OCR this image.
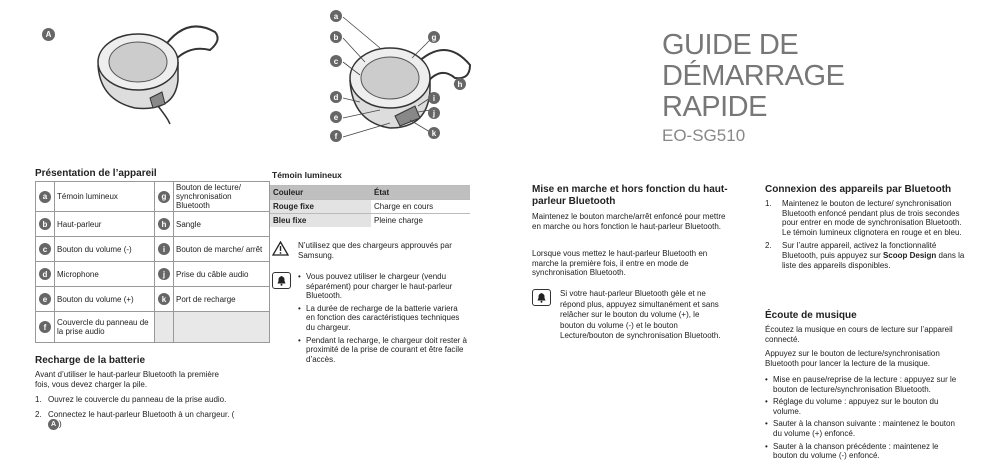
A
a
b
c
d
e
f
g
h
i
j
k
GUIDE DE
DÉMARRAGE
RAPIDE
EO-SG510
Présentation de l’appareil
a	Témoin lumineux	g	Bouton de lecture/ synchronisation Bluetooth
b	Haut-parleur	h	Sangle
c	Bouton du volume (-)	i	Bouton de marche/ arrêt
d	Microphone	j	Prise du câble audio
e	Bouton du volume (+)	k	Port de recharge
f	Couvercle du panneau de la prise audio		
Recharge de la batterie
Avant d’utiliser le haut-parleur Bluetooth la première fois, vous devez charger la pile.
1. Ouvrez le couvercle du panneau de la prise audio.
2. Connectez le haut-parleur Bluetooth à un chargeur. (A )
Témoin lumineux
Couleur	État
Rouge fixe	Charge en cours
Bleu fixe	Pleine charge
N’utilisez que des chargeurs approuvés par Samsung.
• Vous pouvez utiliser le chargeur (vendu séparément) pour charger le haut-parleur Bluetooth.
• La durée de recharge de la batterie variera en fonction des caractéristiques techniques du chargeur.
• Pendant la recharge, le chargeur doit rester à proximité de la prise de courant et être facile d’accès.
Mise en marche et hors fonction du haut-parleur Bluetooth
Maintenez le bouton marche/arrêt enfoncé pour mettre en marche ou hors fonction le haut-parleur Bluetooth.
Lorsque vous mettez le haut-parleur Bluetooth en marche la première fois, il entre en mode de synchronisation Bluetooth.
Si votre haut-parleur Bluetooth gèle et ne répond plus, appuyez simultanément et sans relâcher sur le bouton du volume (+), le bouton du volume (-) et le bouton Lecture/bouton de synchronisation Bluetooth.
Connexion des appareils par Bluetooth
1.	Maintenez le bouton de lecture/ synchronisation Bluetooth enfoncé pendant plus de trois secondes pour entrer en mode de synchronisation Bluetooth.
Le témoin lumineux clignotera en rouge et en bleu.
2.	Sur l’autre appareil, activez la fonctionnalité Bluetooth, puis appuyez sur Scoop Design dans la liste des appareils disponibles.
Écoute de musique
Écoutez la musique en cours de lecture sur l’appareil connecté.
Appuyez sur le bouton de lecture/synchronisation Bluetooth pour lancer la lecture de la musique.
• Mise en pause/reprise de la lecture : appuyez sur le bouton de lecture/synchronisation Bluetooth.
• Réglage du volume : appuyez sur le bouton du volume.
• Sauter à la chanson suivante : maintenez le bouton du volume (+) enfoncé.
• Sauter à la chanson précédente : maintenez le bouton du volume (-) enfoncé.
